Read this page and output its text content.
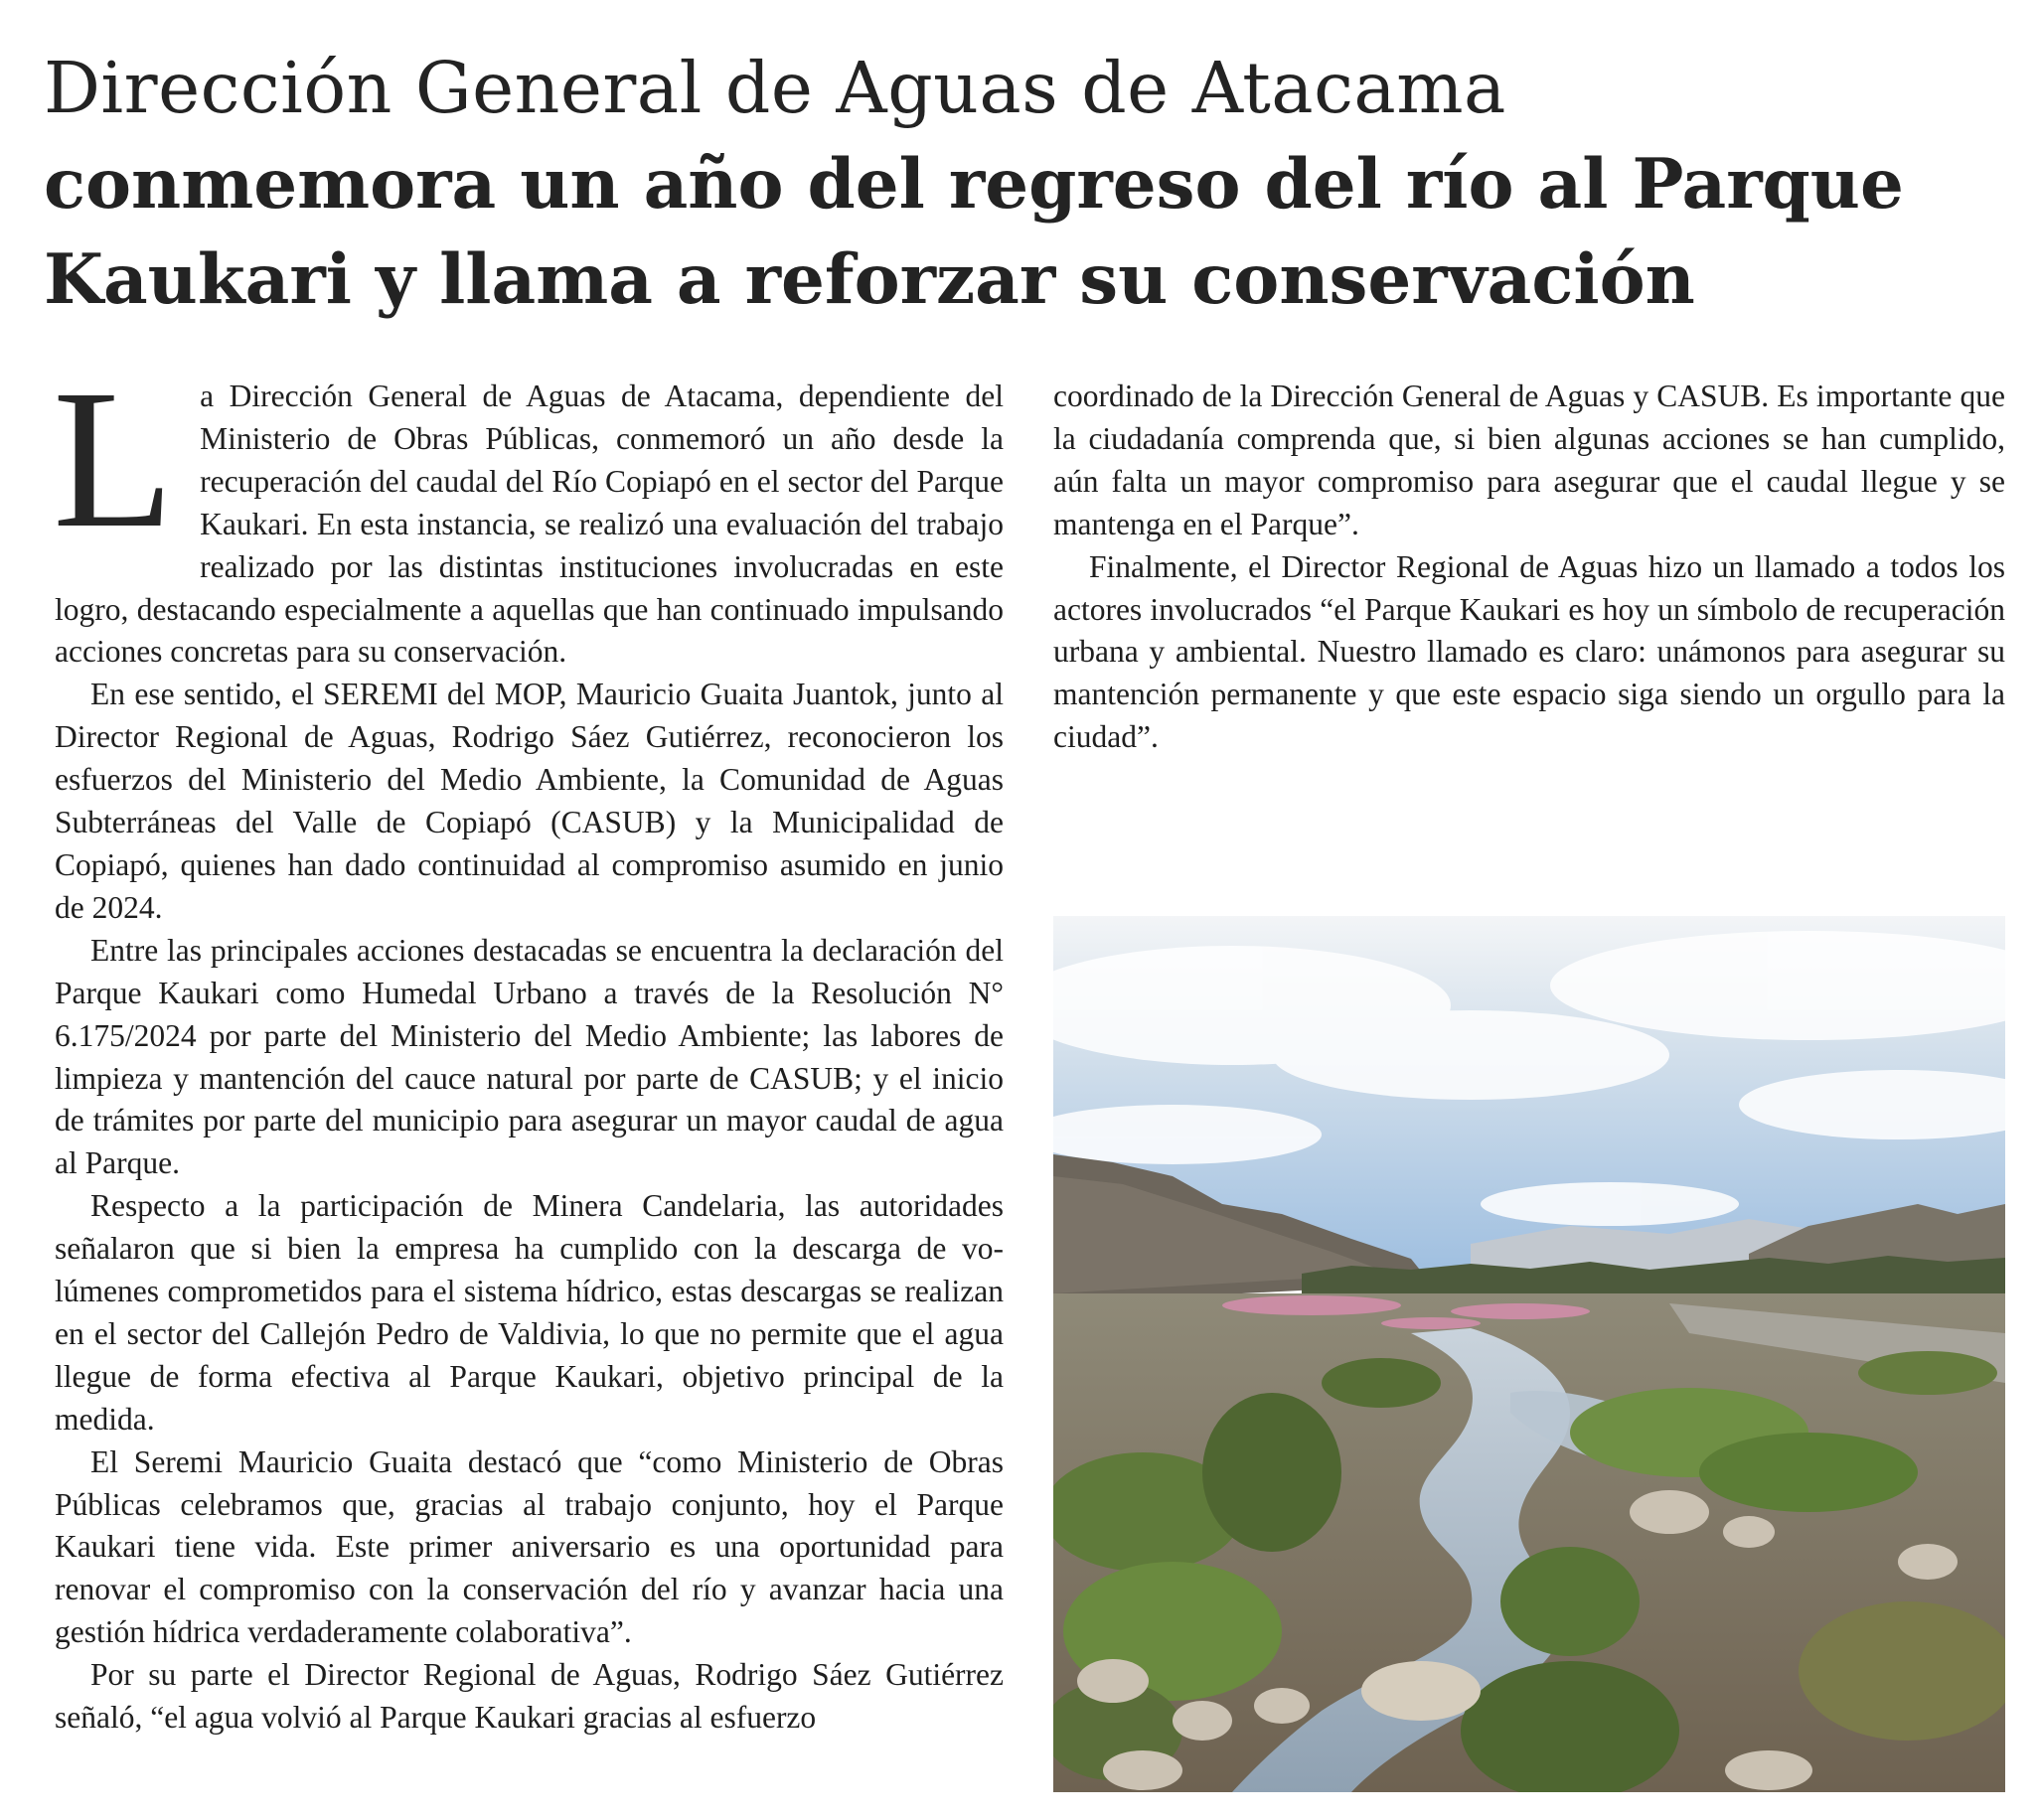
Dirección General de Aguas de Atacama
conmemora un año del regreso del río al Parque
Kaukari y llama a reforzar su conservación
L a Dirección General de Aguas de Atacama, dependiente del Ministerio de Obras Públicas, conmemoró un año desde la recuperación del caudal del Río Copiapó en el sector del Parque Kaukari. En esta instancia, se realizó una evaluación del trabajo realizado por las distintas instituciones involucradas en este logro, destacando especialmente a aquellas que han continuado impulsando acciones concretas para su conservación.

En ese sentido, el SEREMI del MOP, Mauricio Guaita Juantok, junto al Director Regional de Aguas, Rodrigo Sáez Gutiérrez, reconocieron los esfuerzos del Ministerio del Medio Ambiente, la Comunidad de Aguas Subterráneas del Valle de Copiapó (CASUB) y la Municipalidad de Copiapó, quienes han dado continuidad al compromiso asumido en junio de 2024.

Entre las principales acciones destacadas se encuentra la declaración del Parque Kaukari como Humedal Urbano a través de la Resolución N° 6.175/2024 por parte del Ministerio del Medio Ambiente; las labores de limpieza y mantención del cauce natural por parte de CASUB; y el inicio de trámites por parte del municipio para asegurar un mayor caudal de agua al Parque.

Respecto a la participación de Minera Candelaria, las autoridades señalaron que si bien la empresa ha cumplido con la descarga de volúmenes comprometidos para el sistema hídrico, estas descargas se realizan en el sector del Callejón Pedro de Valdivia, lo que no permite que el agua llegue de forma efectiva al Parque Kaukari, objetivo principal de la medida.

El Seremi Mauricio Guaita destacó que “como Ministerio de Obras Públicas celebramos que, gracias al trabajo conjunto, hoy el Parque Kaukari tiene vida. Este primer aniversario es una oportunidad para renovar el compromiso con la conservación del río y avanzar hacia una gestión hídrica verdaderamente colaborativa”.

Por su parte el Director Regional de Aguas, Rodrigo Sáez Gutiérrez señaló, “el agua volvió al Parque Kaukari gracias al esfuerzo

coordinado de la Dirección General de Aguas y CASUB. Es importante que la ciudadanía comprenda que, si bien algunas acciones se han cumplido, aún falta un mayor compromiso para asegurar que el caudal llegue y se mantenga en el Parque”.

Finalmente, el Director Regional de Aguas hizo un llamado a todos los actores involucrados “el Parque Kaukari es hoy un símbolo de recuperación urbana y ambiental. Nuestro llamado es claro: unámonos para asegurar su mantención permanente y que este espacio siga siendo un orgullo para la ciudad”.
